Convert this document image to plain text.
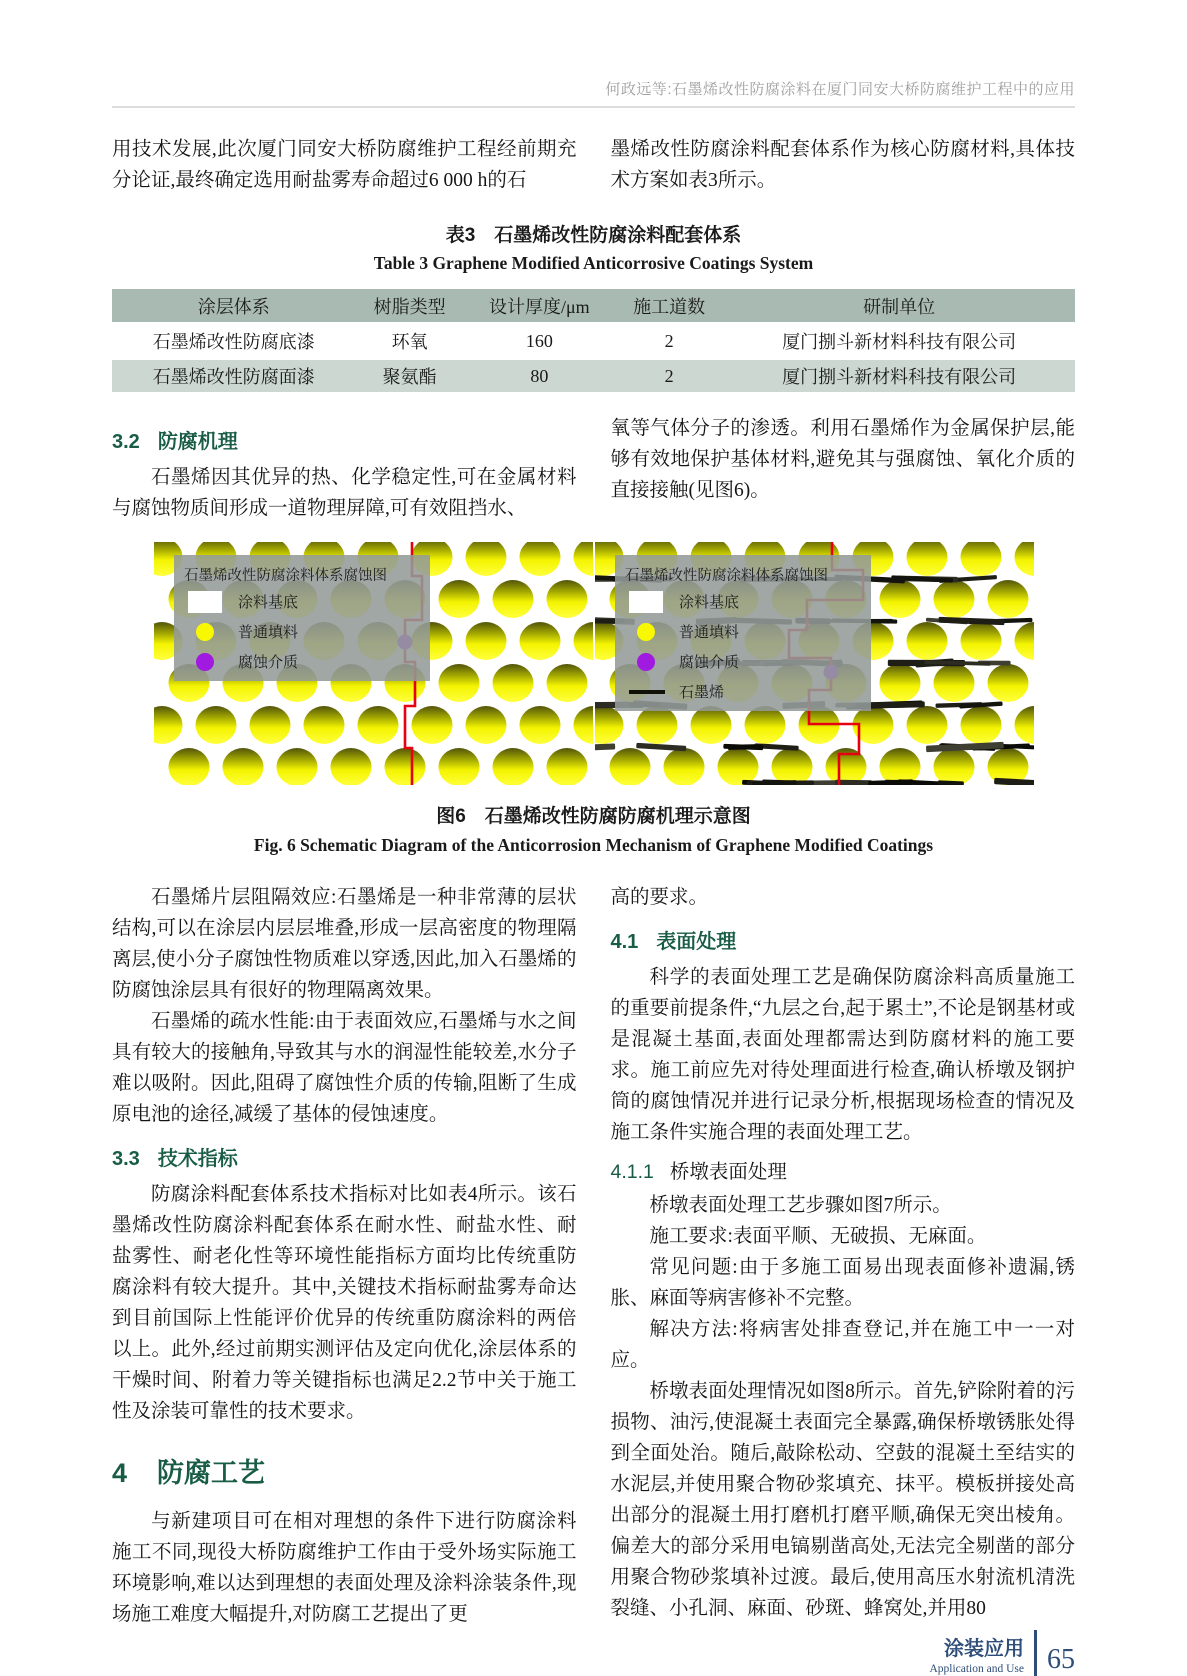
何政远等:石墨烯改性防腐涂料在厦门同安大桥防腐维护工程中的应用

用技术发展,此次厦门同安大桥防腐维护工程经前期充分论证,最终确定选用耐盐雾寿命超过6 000 h的石

墨烯改性防腐涂料配套体系作为核心防腐材料,具体技术方案如表3所示。

表3　石墨烯改性防腐涂料配套体系
Table 3 Graphene Modified Anticorrosive Coatings System
涂层体系	树脂类型	设计厚度/μm	施工道数	研制单位
石墨烯改性防腐底漆	环氧	160	2	厦门捌斗新材料科技有限公司
石墨烯改性防腐面漆	聚氨酯	80	2	厦门捌斗新材料科技有限公司
3.2 防腐机理

石墨烯因其优异的热、化学稳定性,可在金属材料与腐蚀物质间形成一道物理屏障,可有效阻挡水、

氧等气体分子的渗透。利用石墨烯作为金属保护层,能够有效地保护基体材料,避免其与强腐蚀、氧化介质的直接接触(见图6)。

石墨烯改性防腐涂料体系腐蚀图
涂料基底
普通填料
腐蚀介质
石墨烯改性防腐涂料体系腐蚀图
涂料基底
普通填料
腐蚀介质
石墨烯
图6　石墨烯改性防腐防腐机理示意图
Fig. 6 Schematic Diagram of the Anticorrosion Mechanism of Graphene Modified Coatings

石墨烯片层阻隔效应:石墨烯是一种非常薄的层状结构,可以在涂层内层层堆叠,形成一层高密度的物理隔离层,使小分子腐蚀性物质难以穿透,因此,加入石墨烯的防腐蚀涂层具有很好的物理隔离效果。

石墨烯的疏水性能:由于表面效应,石墨烯与水之间具有较大的接触角,导致其与水的润湿性能较差,水分子难以吸附。因此,阻碍了腐蚀性介质的传输,阻断了生成原电池的途径,减缓了基体的侵蚀速度。

3.3 技术指标

防腐涂料配套体系技术指标对比如表4所示。该石墨烯改性防腐涂料配套体系在耐水性、耐盐水性、耐盐雾性、耐老化性等环境性能指标方面均比传统重防腐涂料有较大提升。其中,关键技术指标耐盐雾寿命达到目前国际上性能评价优异的传统重防腐涂料的两倍以上。此外,经过前期实测评估及定向优化,涂层体系的干燥时间、附着力等关键指标也满足2.2节中关于施工性及涂装可靠性的技术要求。

4 防腐工艺

与新建项目可在相对理想的条件下进行防腐涂料施工不同,现役大桥防腐维护工作由于受外场实际施工环境影响,难以达到理想的表面处理及涂料涂装条件,现场施工难度大幅提升,对防腐工艺提出了更

高的要求。

4.1 表面处理

科学的表面处理工艺是确保防腐涂料高质量施工的重要前提条件,“九层之台,起于累土”,不论是钢基材或是混凝土基面,表面处理都需达到防腐材料的施工要求。施工前应先对待处理面进行检查,确认桥墩及钢护筒的腐蚀情况并进行记录分析,根据现场检查的情况及施工条件实施合理的表面处理工艺。

4.1.1 桥墩表面处理

桥墩表面处理工艺步骤如图7所示。

施工要求:表面平顺、无破损、无麻面。

常见问题:由于多施工面易出现表面修补遗漏,锈胀、麻面等病害修补不完整。

解决方法:将病害处排查登记,并在施工中一一对应。

桥墩表面处理情况如图8所示。首先,铲除附着的污损物、油污,使混凝土表面完全暴露,确保桥墩锈胀处得到全面处治。随后,敲除松动、空鼓的混凝土至结实的水泥层,并使用聚合物砂浆填充、抹平。模板拼接处高出部分的混凝土用打磨机打磨平顺,确保无突出棱角。偏差大的部分采用电镐剔凿高处,无法完全剔凿的部分用聚合物砂浆填补过渡。最后,使用高压水射流机清洗裂缝、小孔洞、麻面、砂斑、蜂窝处,并用80

涂装应用
Application and Use 65
